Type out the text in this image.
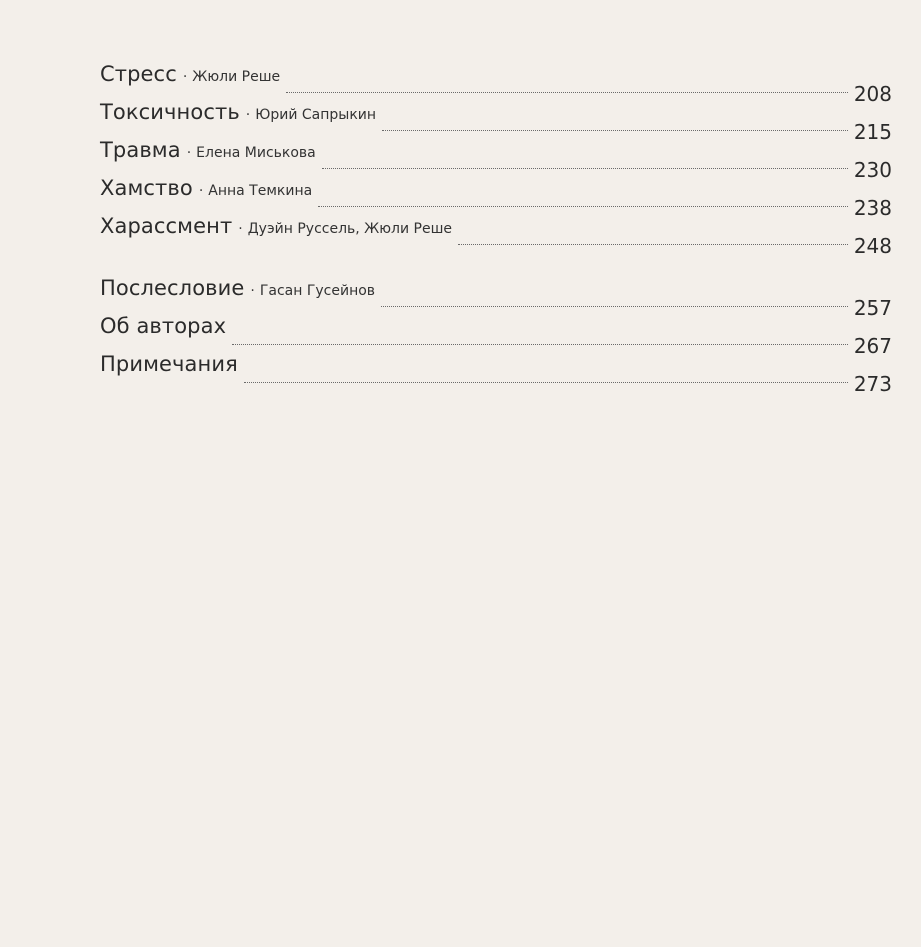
Стресс · Жюли Реше
208
Токсичность · Юрий Сапрыкин
215
Травма · Елена Миськова
230
Хамство · Анна Темкина
238
Харассмент · Дуэйн Руссель, Жюли Реше
248
Послесловие · Гасан Гусейнов
257
Об авторах
267
Примечания
273
